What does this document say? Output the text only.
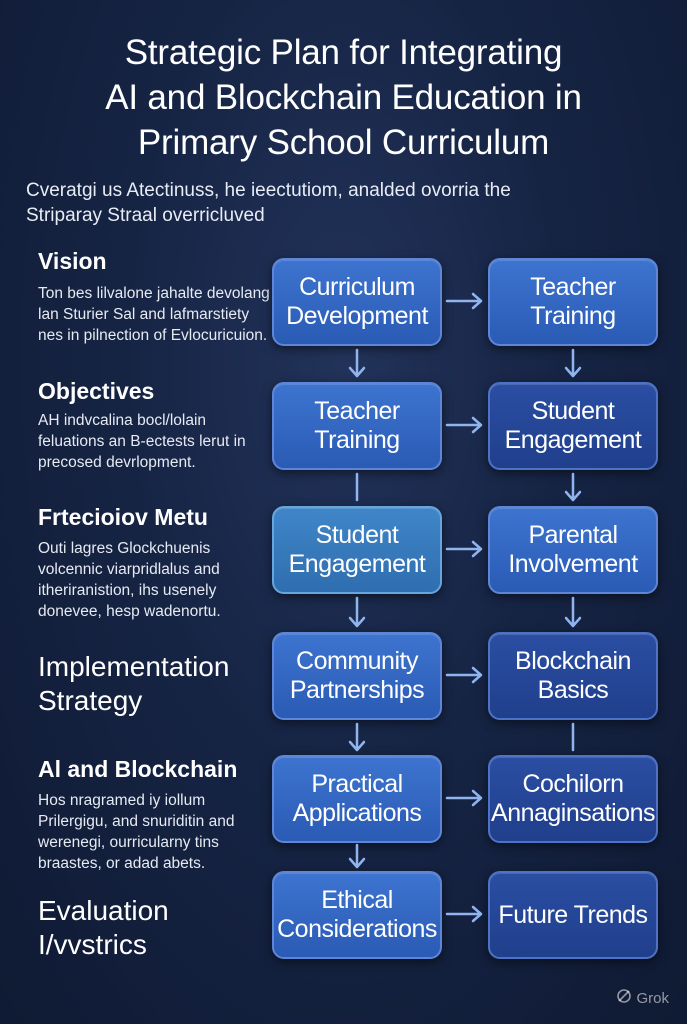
Strategic Plan for Integrating
AI and Blockchain Education in
Primary School Curriculum
Cveratgi us Atectinuss, he ieectutiom, analded ovorria the
Striparay Straal overricluved
Vision
Ton bes lilvalone jahalte devolang lan Sturier Sal and lafmarstiety nes in pilnection of Evlocuricuion.
Objectives
AH indvcalina bocl/lolain feluations an B-ectests lerut in precosed devrlopment.
Frtecioiov Metu
Outi lagres Glockchuenis volcennic viarpridlalus and itheriranistion, ihs usenely donevee, hesp wadenortu.
Implementation Strategy
Al and Blockchain
Hos nragramed iy iollum Prilergigu, and snuriditin and werenegi, ourricularny tins braastes, or adad abets.
Evaluation I/vvstrics
Curriculum Development
Teacher Training
Student Engagement
Community Partnerships
Practical Applications
Ethical Considerations
Teacher Training
Student Engagement
Parental Involvement
Blockchain Basics
Cochilorn Annaginsations
Future Trends
Grok
